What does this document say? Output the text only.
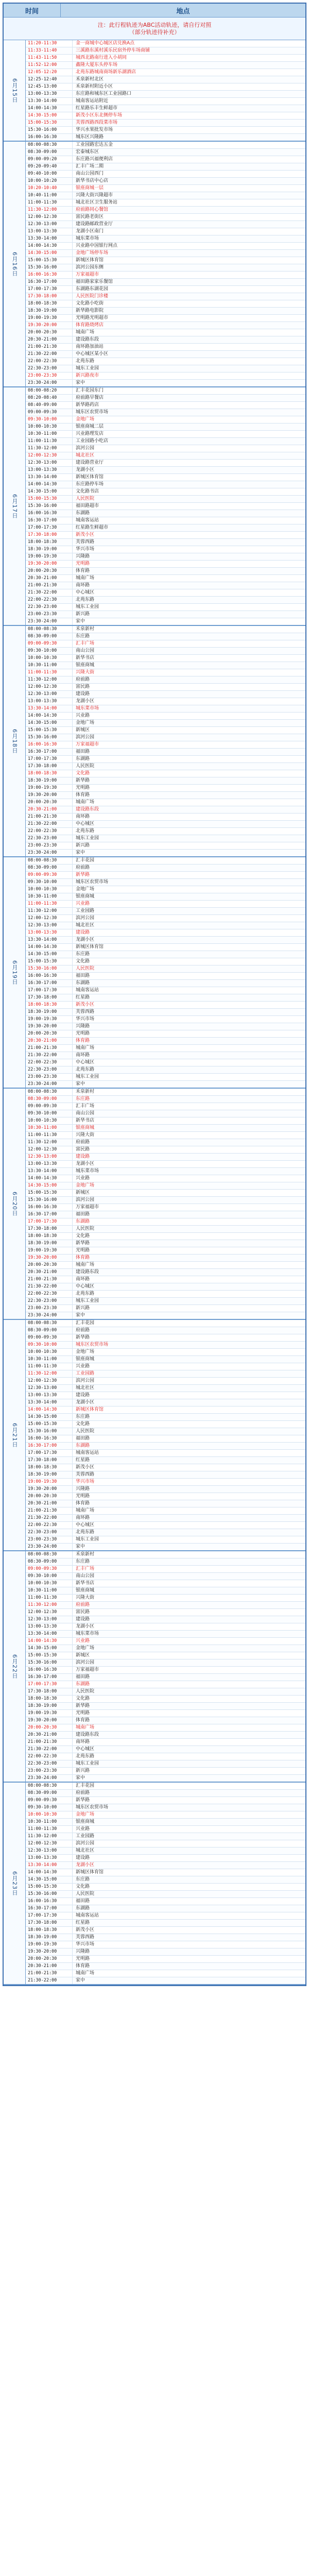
时间	地点
注：此行程轨迹为ABC活动轨迹，请自行对照
（部分轨迹待补充）
6月15日
11:20-11:30	金一商城中心城区店兑换A点
11:33-11:40	三溪路东溪村溪乐民宿外停车场商铺
11:43-11:50	城西北路南行进入小胡同
11:52-12:00	鑫隆大厦东头停车场
12:05-12:20	北苑东路城南商场新乐湖酒店
12:25-12:40	禾泉新村北区
12:45-13:00	禾泉新村附近小区
13:00-13:30	东庄路和城东区工业园路口
13:30-14:00	城南客运站附近
14:00-14:30	红星路乐丰生鲜超市
14:30-15:00	新茂小区东北侧停车场
15:00-15:30	芙蓉西路西段菜市场
15:30-16:00	华兴水果批发市场
16:00-16:30	城东区兴隆路
6月16日
08:00-08:30	工业园路宏达五金
08:30-09:00	宏泰城东区
09:00-09:20	东庄路兴福便利店
09:20-09:40	汇丰广场二期
09:40-10:00	南山公园西门
10:00-10:20	新华书店中心店
10:20-10:40	银座商城一层
10:40-11:00	兴隆大街兴隆超市
11:00-11:30	城北社区卫生服务站
11:30-12:00	府前路同心餐馆
12:00-12:30	富民路老街区
12:30-13:00	建设路邮政营业厅
13:00-13:30	龙湖小区南门
13:30-14:00	城东菜市场
14:00-14:30	兴业路中国银行网点
14:30-15:00	金地广场停车场
15:00-15:30	新城区体育馆
15:30-16:00	滨河公园东侧
16:00-16:30	万家福超市
16:30-17:00	福田路家家乐餐馆
17:00-17:30	东湖路东湖花园
17:30-18:00	人民医院门诊楼
18:00-18:30	文化路小吃街
18:30-19:00	新华路电影院
19:00-19:30	光明路光明超市
19:30-20:00	体育路烧烤店
20:00-20:30	城南广场
20:30-21:00	建设路东段
21:00-21:30	南环路加油站
21:30-22:00	中心城区某小区
22:00-22:30	北苑东路
22:30-23:00	城东工业园
23:00-23:30	新兴路夜市
23:30-24:00	家中
6月17日
08:00-08:20	汇丰花园东门
08:20-08:40	府前路早餐店
08:40-09:00	新华路药店
09:00-09:30	城东区农贸市场
09:30-10:00	金地广场
10:00-10:30	银座商城二层
10:30-11:00	兴业路理发店
11:00-11:30	工业园路小吃店
11:30-12:00	滨河公园
12:00-12:30	城北社区
12:30-13:00	建设路营业厅
13:00-13:30	龙湖小区
13:30-14:00	新城区体育馆
14:00-14:30	东庄路停车场
14:30-15:00	文化路书店
15:00-15:30	人民医院
15:30-16:00	福田路超市
16:00-16:30	东湖路
16:30-17:00	城南客运站
17:00-17:30	红星路生鲜超市
17:30-18:00	新茂小区
18:00-18:30	芙蓉西路
18:30-19:00	华兴市场
19:00-19:30	兴隆路
19:30-20:00	光明路
20:00-20:30	体育路
20:30-21:00	城南广场
21:00-21:30	南环路
21:30-22:00	中心城区
22:00-22:30	北苑东路
22:30-23:00	城东工业园
23:00-23:30	新兴路
23:30-24:00	家中
6月18日
08:00-08:30	禾泉新村
08:30-09:00	东庄路
09:00-09:30	汇丰广场
09:30-10:00	南山公园
10:00-10:30	新华书店
10:30-11:00	银座商城
11:00-11:30	兴隆大街
11:30-12:00	府前路
12:00-12:30	富民路
12:30-13:00	建设路
13:00-13:30	龙湖小区
13:30-14:00	城东菜市场
14:00-14:30	兴业路
14:30-15:00	金地广场
15:00-15:30	新城区
15:30-16:00	滨河公园
16:00-16:30	万家福超市
16:30-17:00	福田路
17:00-17:30	东湖路
17:30-18:00	人民医院
18:00-18:30	文化路
18:30-19:00	新华路
19:00-19:30	光明路
19:30-20:00	体育路
20:00-20:30	城南广场
20:30-21:00	建设路东段
21:00-21:30	南环路
21:30-22:00	中心城区
22:00-22:30	北苑东路
22:30-23:00	城东工业园
23:00-23:30	新兴路
23:30-24:00	家中
6月19日
08:00-08:30	汇丰花园
08:30-09:00	府前路
09:00-09:30	新华路
09:30-10:00	城东区农贸市场
10:00-10:30	金地广场
10:30-11:00	银座商城
11:00-11:30	兴业路
11:30-12:00	工业园路
12:00-12:30	滨河公园
12:30-13:00	城北社区
13:00-13:30	建设路
13:30-14:00	龙湖小区
14:00-14:30	新城区体育馆
14:30-15:00	东庄路
15:00-15:30	文化路
15:30-16:00	人民医院
16:00-16:30	福田路
16:30-17:00	东湖路
17:00-17:30	城南客运站
17:30-18:00	红星路
18:00-18:30	新茂小区
18:30-19:00	芙蓉西路
19:00-19:30	华兴市场
19:30-20:00	兴隆路
20:00-20:30	光明路
20:30-21:00	体育路
21:00-21:30	城南广场
21:30-22:00	南环路
22:00-22:30	中心城区
22:30-23:00	北苑东路
23:00-23:30	城东工业园
23:30-24:00	家中
6月20日
08:00-08:30	禾泉新村
08:30-09:00	东庄路
09:00-09:30	汇丰广场
09:30-10:00	南山公园
10:00-10:30	新华书店
10:30-11:00	银座商城
11:00-11:30	兴隆大街
11:30-12:00	府前路
12:00-12:30	富民路
12:30-13:00	建设路
13:00-13:30	龙湖小区
13:30-14:00	城东菜市场
14:00-14:30	兴业路
14:30-15:00	金地广场
15:00-15:30	新城区
15:30-16:00	滨河公园
16:00-16:30	万家福超市
16:30-17:00	福田路
17:00-17:30	东湖路
17:30-18:00	人民医院
18:00-18:30	文化路
18:30-19:00	新华路
19:00-19:30	光明路
19:30-20:00	体育路
20:00-20:30	城南广场
20:30-21:00	建设路东段
21:00-21:30	南环路
21:30-22:00	中心城区
22:00-22:30	北苑东路
22:30-23:00	城东工业园
23:00-23:30	新兴路
23:30-24:00	家中
6月21日
08:00-08:30	汇丰花园
08:30-09:00	府前路
09:00-09:30	新华路
09:30-10:00	城东区农贸市场
10:00-10:30	金地广场
10:30-11:00	银座商城
11:00-11:30	兴业路
11:30-12:00	工业园路
12:00-12:30	滨河公园
12:30-13:00	城北社区
13:00-13:30	建设路
13:30-14:00	龙湖小区
14:00-14:30	新城区体育馆
14:30-15:00	东庄路
15:00-15:30	文化路
15:30-16:00	人民医院
16:00-16:30	福田路
16:30-17:00	东湖路
17:00-17:30	城南客运站
17:30-18:00	红星路
18:00-18:30	新茂小区
18:30-19:00	芙蓉西路
19:00-19:30	华兴市场
19:30-20:00	兴隆路
20:00-20:30	光明路
20:30-21:00	体育路
21:00-21:30	城南广场
21:30-22:00	南环路
22:00-22:30	中心城区
22:30-23:00	北苑东路
23:00-23:30	城东工业园
23:30-24:00	家中
6月22日
08:00-08:30	禾泉新村
08:30-09:00	东庄路
09:00-09:30	汇丰广场
09:30-10:00	南山公园
10:00-10:30	新华书店
10:30-11:00	银座商城
11:00-11:30	兴隆大街
11:30-12:00	府前路
12:00-12:30	富民路
12:30-13:00	建设路
13:00-13:30	龙湖小区
13:30-14:00	城东菜市场
14:00-14:30	兴业路
14:30-15:00	金地广场
15:00-15:30	新城区
15:30-16:00	滨河公园
16:00-16:30	万家福超市
16:30-17:00	福田路
17:00-17:30	东湖路
17:30-18:00	人民医院
18:00-18:30	文化路
18:30-19:00	新华路
19:00-19:30	光明路
19:30-20:00	体育路
20:00-20:30	城南广场
20:30-21:00	建设路东段
21:00-21:30	南环路
21:30-22:00	中心城区
22:00-22:30	北苑东路
22:30-23:00	城东工业园
23:00-23:30	新兴路
23:30-24:00	家中
6月23日
08:00-08:30	汇丰花园
08:30-09:00	府前路
09:00-09:30	新华路
09:30-10:00	城东区农贸市场
10:00-10:30	金地广场
10:30-11:00	银座商城
11:00-11:30	兴业路
11:30-12:00	工业园路
12:00-12:30	滨河公园
12:30-13:00	城北社区
13:00-13:30	建设路
13:30-14:00	龙湖小区
14:00-14:30	新城区体育馆
14:30-15:00	东庄路
15:00-15:30	文化路
15:30-16:00	人民医院
16:00-16:30	福田路
16:30-17:00	东湖路
17:00-17:30	城南客运站
17:30-18:00	红星路
18:00-18:30	新茂小区
18:30-19:00	芙蓉西路
19:00-19:30	华兴市场
19:30-20:00	兴隆路
20:00-20:30	光明路
20:30-21:00	体育路
21:00-21:30	城南广场
21:30-22:00	家中
